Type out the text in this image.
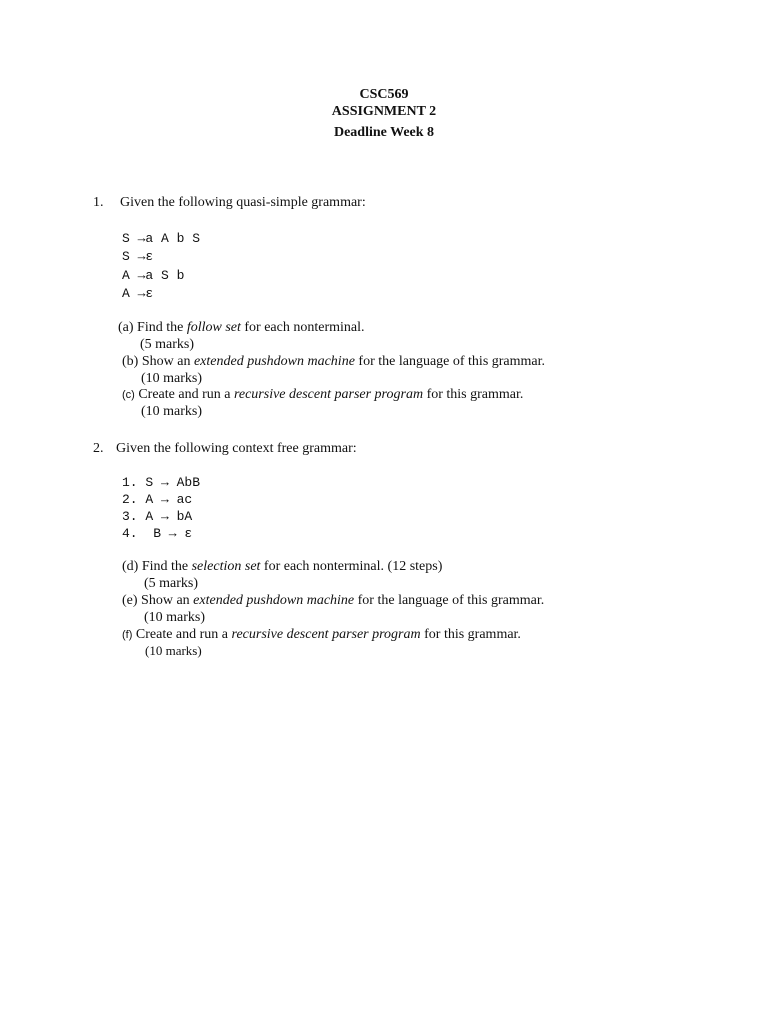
CSC569
ASSIGNMENT 2
Deadline Week 8
1. Given the following quasi-simple grammar:
S →a A b S
S →ε
A →a S b
A →ε
(a) Find the follow set for each nonterminal.
(5 marks)
(b) Show an extended pushdown machine for the language of this grammar.
(10 marks)
(c) Create and run a recursive descent parser program for this grammar.
(10 marks)
2. Given the following context free grammar:
1. S → AbB
2. A → ac
3. A → bA
4.  B → ε
(d) Find the selection set for each nonterminal. (12 steps)
(5 marks)
(e) Show an extended pushdown machine for the language of this grammar.
(10 marks)
(f) Create and run a recursive descent parser program for this grammar.
(10 marks)
